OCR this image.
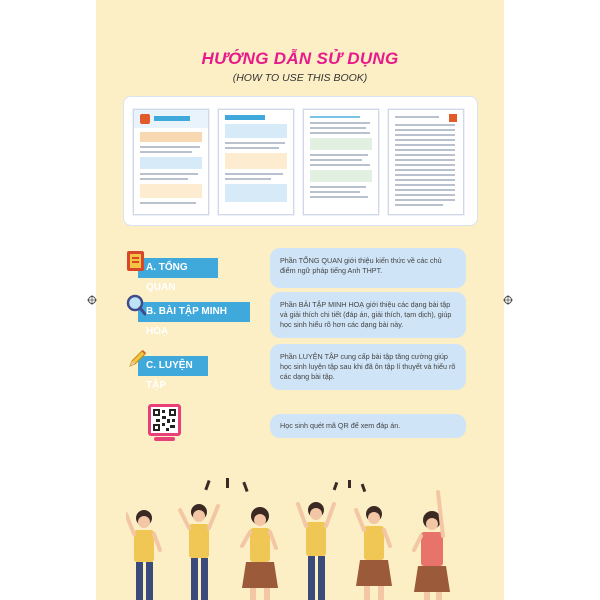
HƯỚNG DẪN SỬ DỤNG
(HOW TO USE THIS BOOK)
A. TỔNG QUAN
Phần TỔNG QUAN giới thiệu kiến thức về các chủ điểm ngữ pháp tiếng Anh THPT.
B. BÀI TẬP MINH HOẠ
Phần BÀI TẬP MINH HOẠ giới thiệu các dạng bài tập và giải thích chi tiết (đáp án, giải thích, tạm dịch), giúp học sinh hiểu rõ hơn các dạng bài này.
C. LUYỆN TẬP
Phần LUYỆN TẬP cung cấp bài tập tăng cường giúp học sinh luyện tập sau khi đã ôn tập lí thuyết và hiểu rõ các dạng bài tập.
Học sinh quét mã QR để xem đáp án.
